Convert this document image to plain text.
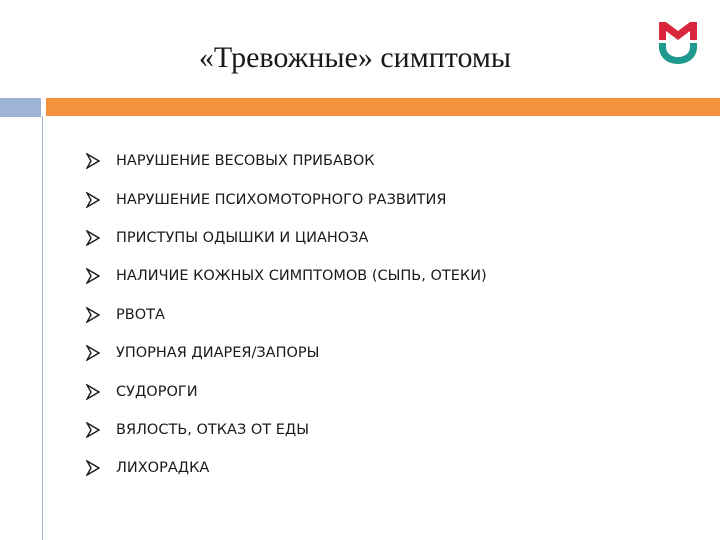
«Тревожные» симптомы
НАРУШЕНИЕ ВЕСОВЫХ ПРИБАВОК
НАРУШЕНИЕ ПСИХОМОТОРНОГО РАЗВИТИЯ
ПРИСТУПЫ ОДЫШКИ И ЦИАНОЗА
НАЛИЧИЕ КОЖНЫХ СИМПТОМОВ (СЫПЬ, ОТЕКИ)
РВОТА
УПОРНАЯ ДИАРЕЯ/ЗАПОРЫ
СУДОРОГИ
ВЯЛОСТЬ, ОТКАЗ ОТ ЕДЫ
ЛИХОРАДКА
